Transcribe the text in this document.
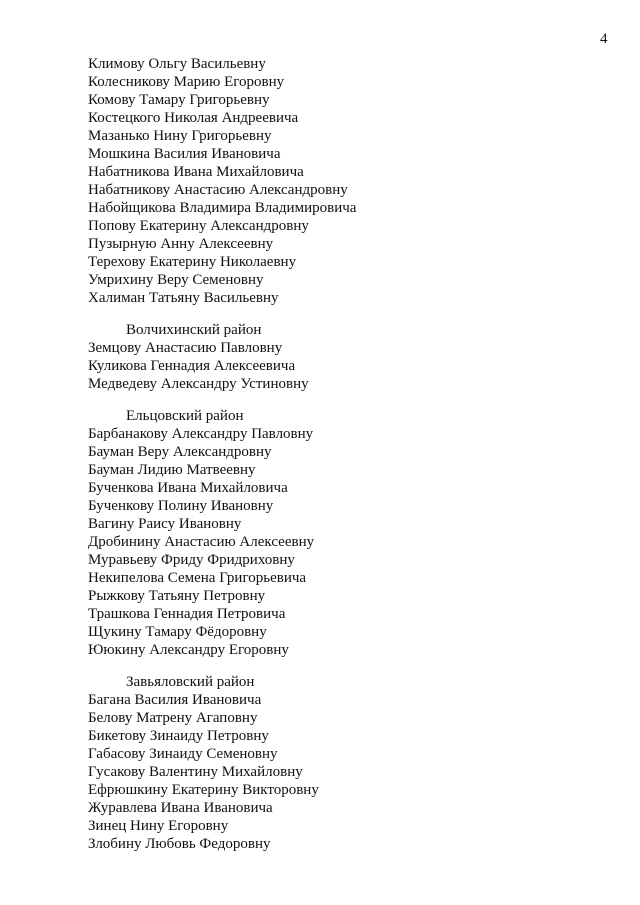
4
Климову Ольгу Васильевну
Колесникову Марию Егоровну
Комову Тамару Григорьевну
Костецкого Николая Андреевича
Мазанько Нину Григорьевну
Мошкина Василия Ивановича
Набатникова Ивана Михайловича
Набатникову Анастасию Александровну
Набойщикова Владимира Владимировича
Попову Екатерину Александровну
Пузырную Анну Алексеевну
Терехову Екатерину Николаевну
Умрихину Веру Семеновну
Халиман Татьяну Васильевну
Волчихинский район
Земцову Анастасию Павловну
Куликова Геннадия Алексеевича
Медведеву Александру Устиновну
Ельцовский район
Барбанакову Александру Павловну
Бауман Веру Александровну
Бауман Лидию Матвеевну
Бученкова Ивана Михайловича
Бученкову Полину Ивановну
Вагину Раису Ивановну
Дробинину Анастасию Алексеевну
Муравьеву Фриду Фридриховну
Некипелова Семена Григорьевича
Рыжкову Татьяну Петровну
Трашкова Геннадия Петровича
Щукину Тамару Фёдоровну
Ююкину Александру Егоровну
Завьяловский район
Багана Василия Ивановича
Белову Матрену Агаповну
Бикетову Зинаиду Петровну
Габасову Зинаиду Семеновну
Гусакову Валентину Михайловну
Ефрюшкину Екатерину Викторовну
Журавлева Ивана Ивановича
Зинец Нину Егоровну
Злобину Любовь Федоровну
